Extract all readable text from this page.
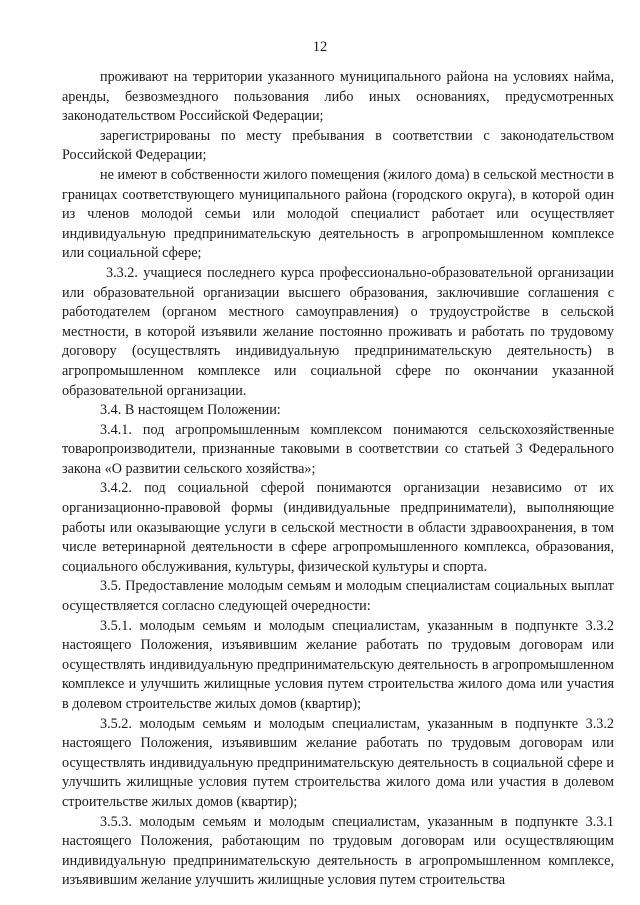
12

проживают на территории указанного муниципального района на условиях найма, аренды, безвозмездного пользования либо иных основаниях, предусмотренных законодательством Российской Федерации;

зарегистрированы по месту пребывания в соответствии с законодательством Российской Федерации;

не имеют в собственности жилого помещения (жилого дома) в сельской местности в границах соответствующего муниципального района (городского округа), в которой один из членов молодой семьи или молодой специалист работает или осуществляет индивидуальную предпринимательскую деятельность в агропромышленном комплексе или социальной сфере;

3.3.2. учащиеся последнего курса профессионально-образовательной организации или образовательной организации высшего образования, заключившие соглашения с работодателем (органом местного самоуправления) о трудоустройстве в сельской местности, в которой изъявили желание постоянно проживать и работать по трудовому договору (осуществлять индивидуальную предпринимательскую деятельность) в агропромышленном комплексе или социальной сфере по окончании указанной образовательной организации.

3.4. В настоящем Положении:

3.4.1. под агропромышленным комплексом понимаются сельскохозяйственные товаропроизводители, признанные таковыми в соответствии со статьей 3 Федерального закона «О развитии сельского хозяйства»;

3.4.2. под социальной сферой понимаются организации независимо от их организационно-правовой формы (индивидуальные предприниматели), выполняющие работы или оказывающие услуги в сельской местности в области здравоохранения, в том числе ветеринарной деятельности в сфере агропромышленного комплекса, образования, социального обслуживания, культуры, физической культуры и спорта.

3.5. Предоставление молодым семьям и молодым специалистам социальных выплат осуществляется согласно следующей очередности:

3.5.1. молодым семьям и молодым специалистам, указанным в подпункте 3.3.2 настоящего Положения, изъявившим желание работать по трудовым договорам или осуществлять индивидуальную предпринимательскую деятельность в агропромышленном комплексе и улучшить жилищные условия путем строительства жилого дома или участия в долевом строительстве жилых домов (квартир);

3.5.2. молодым семьям и молодым специалистам, указанным в подпункте 3.3.2 настоящего Положения, изъявившим желание работать по трудовым договорам или осуществлять индивидуальную предпринимательскую деятельность в социальной сфере и улучшить жилищные условия путем строительства жилого дома или участия в долевом строительстве жилых домов (квартир);

3.5.3. молодым семьям и молодым специалистам, указанным в подпункте 3.3.1 настоящего Положения, работающим по трудовым договорам или осуществляющим индивидуальную предпринимательскую деятельность в агропромышленном комплексе, изъявившим желание улучшить жилищные условия путем строительства
